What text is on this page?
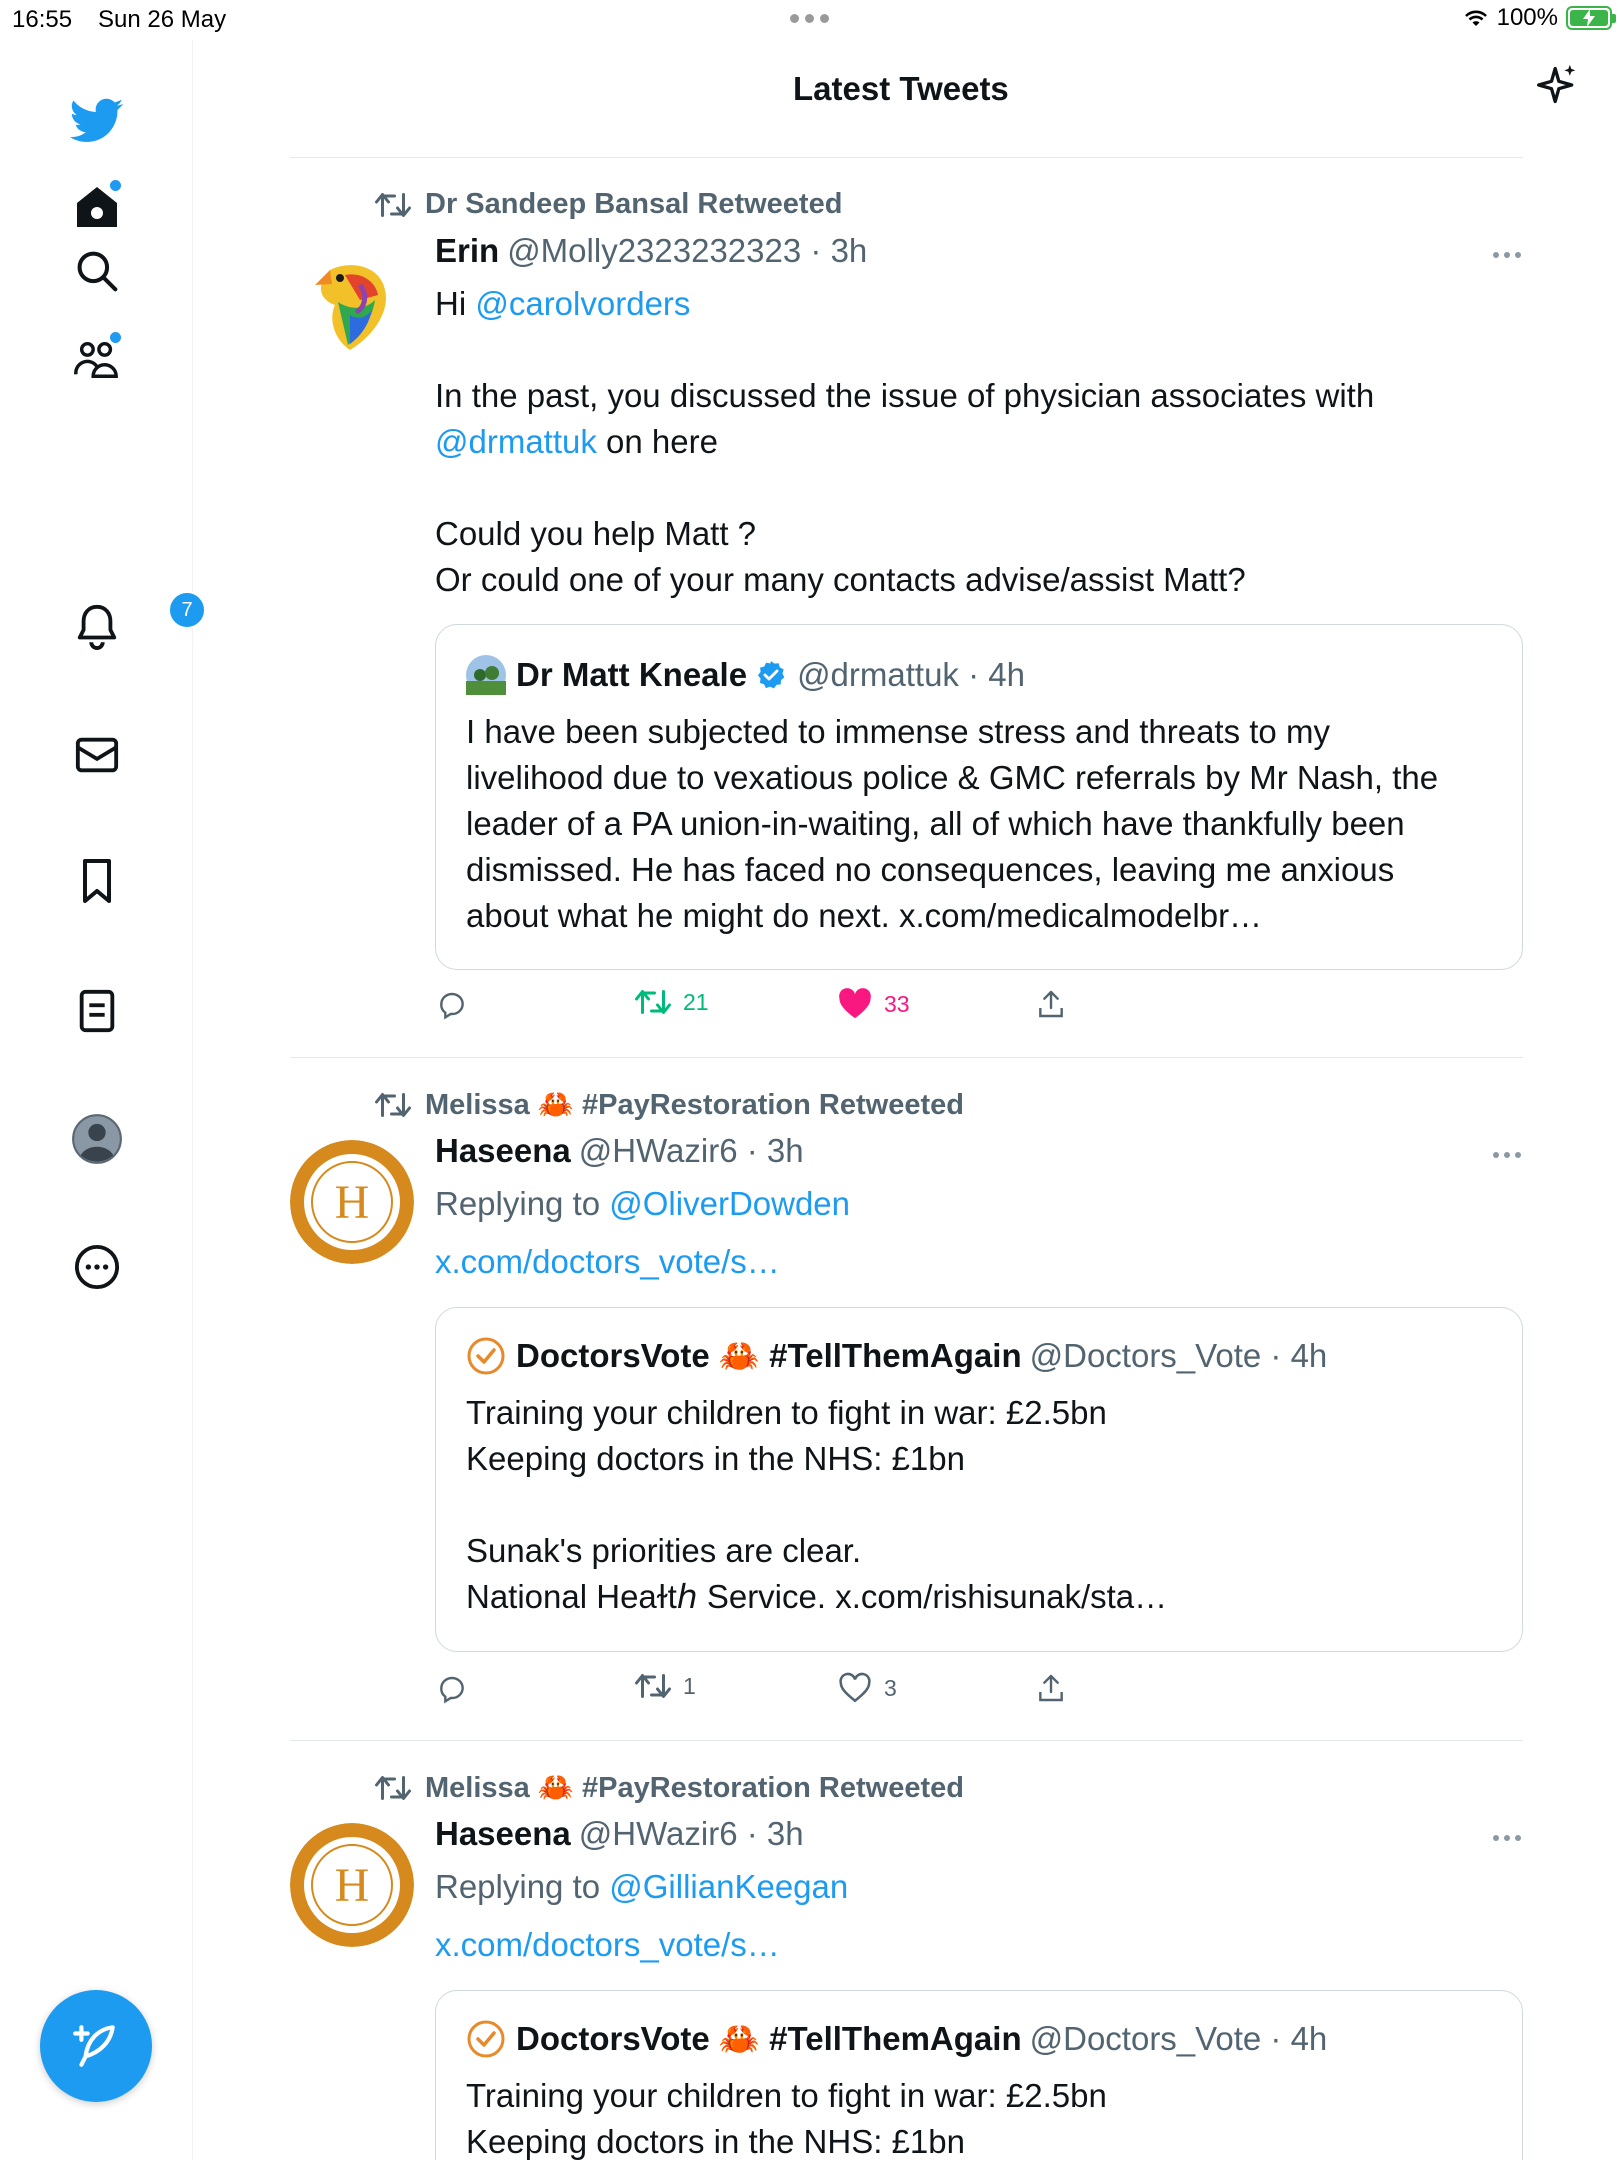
16:55 Sun 26 May	100%
7
Latest Tweets
Dr Sandeep Bansal Retweeted
Erin @Molly2323232323 · 3h
Hi @carolvorders
In the past, you discussed the issue of physician associates with
@drmattuk on here
Could you help Matt ?
Or could one of your many contacts advise/assist Matt?
Dr Matt Kneale @drmattuk · 4h
I have been subjected to immense stress and threats to my
livelihood due to vexatious police & GMC referrals by Mr Nash, the
leader of a PA union-in-waiting, all of which have thankfully been
dismissed. He has faced no consequences, leaving me anxious
about what he might do next. x.com/medicalmodelbr…
21	33
Melissa 🦀 #PayRestoration Retweeted
H
Haseena @HWazir6 · 3h
Replying to @OliverDowden
x.com/doctors_vote/s…
DoctorsVote 🦀 #TellThemAgain @Doctors_Vote · 4h
Training your children to fight in war: £2.5bn
Keeping doctors in the NHS: £1bn
Sunak's priorities are clear.
National Heaɫtℎ Service. x.com/rishisunak/sta…
1	3
Melissa 🦀 #PayRestoration Retweeted
H
Haseena @HWazir6 · 3h
Replying to @GillianKeegan
x.com/doctors_vote/s…
DoctorsVote 🦀 #TellThemAgain @Doctors_Vote · 4h
Training your children to fight in war: £2.5bn
Keeping doctors in the NHS: £1bn
